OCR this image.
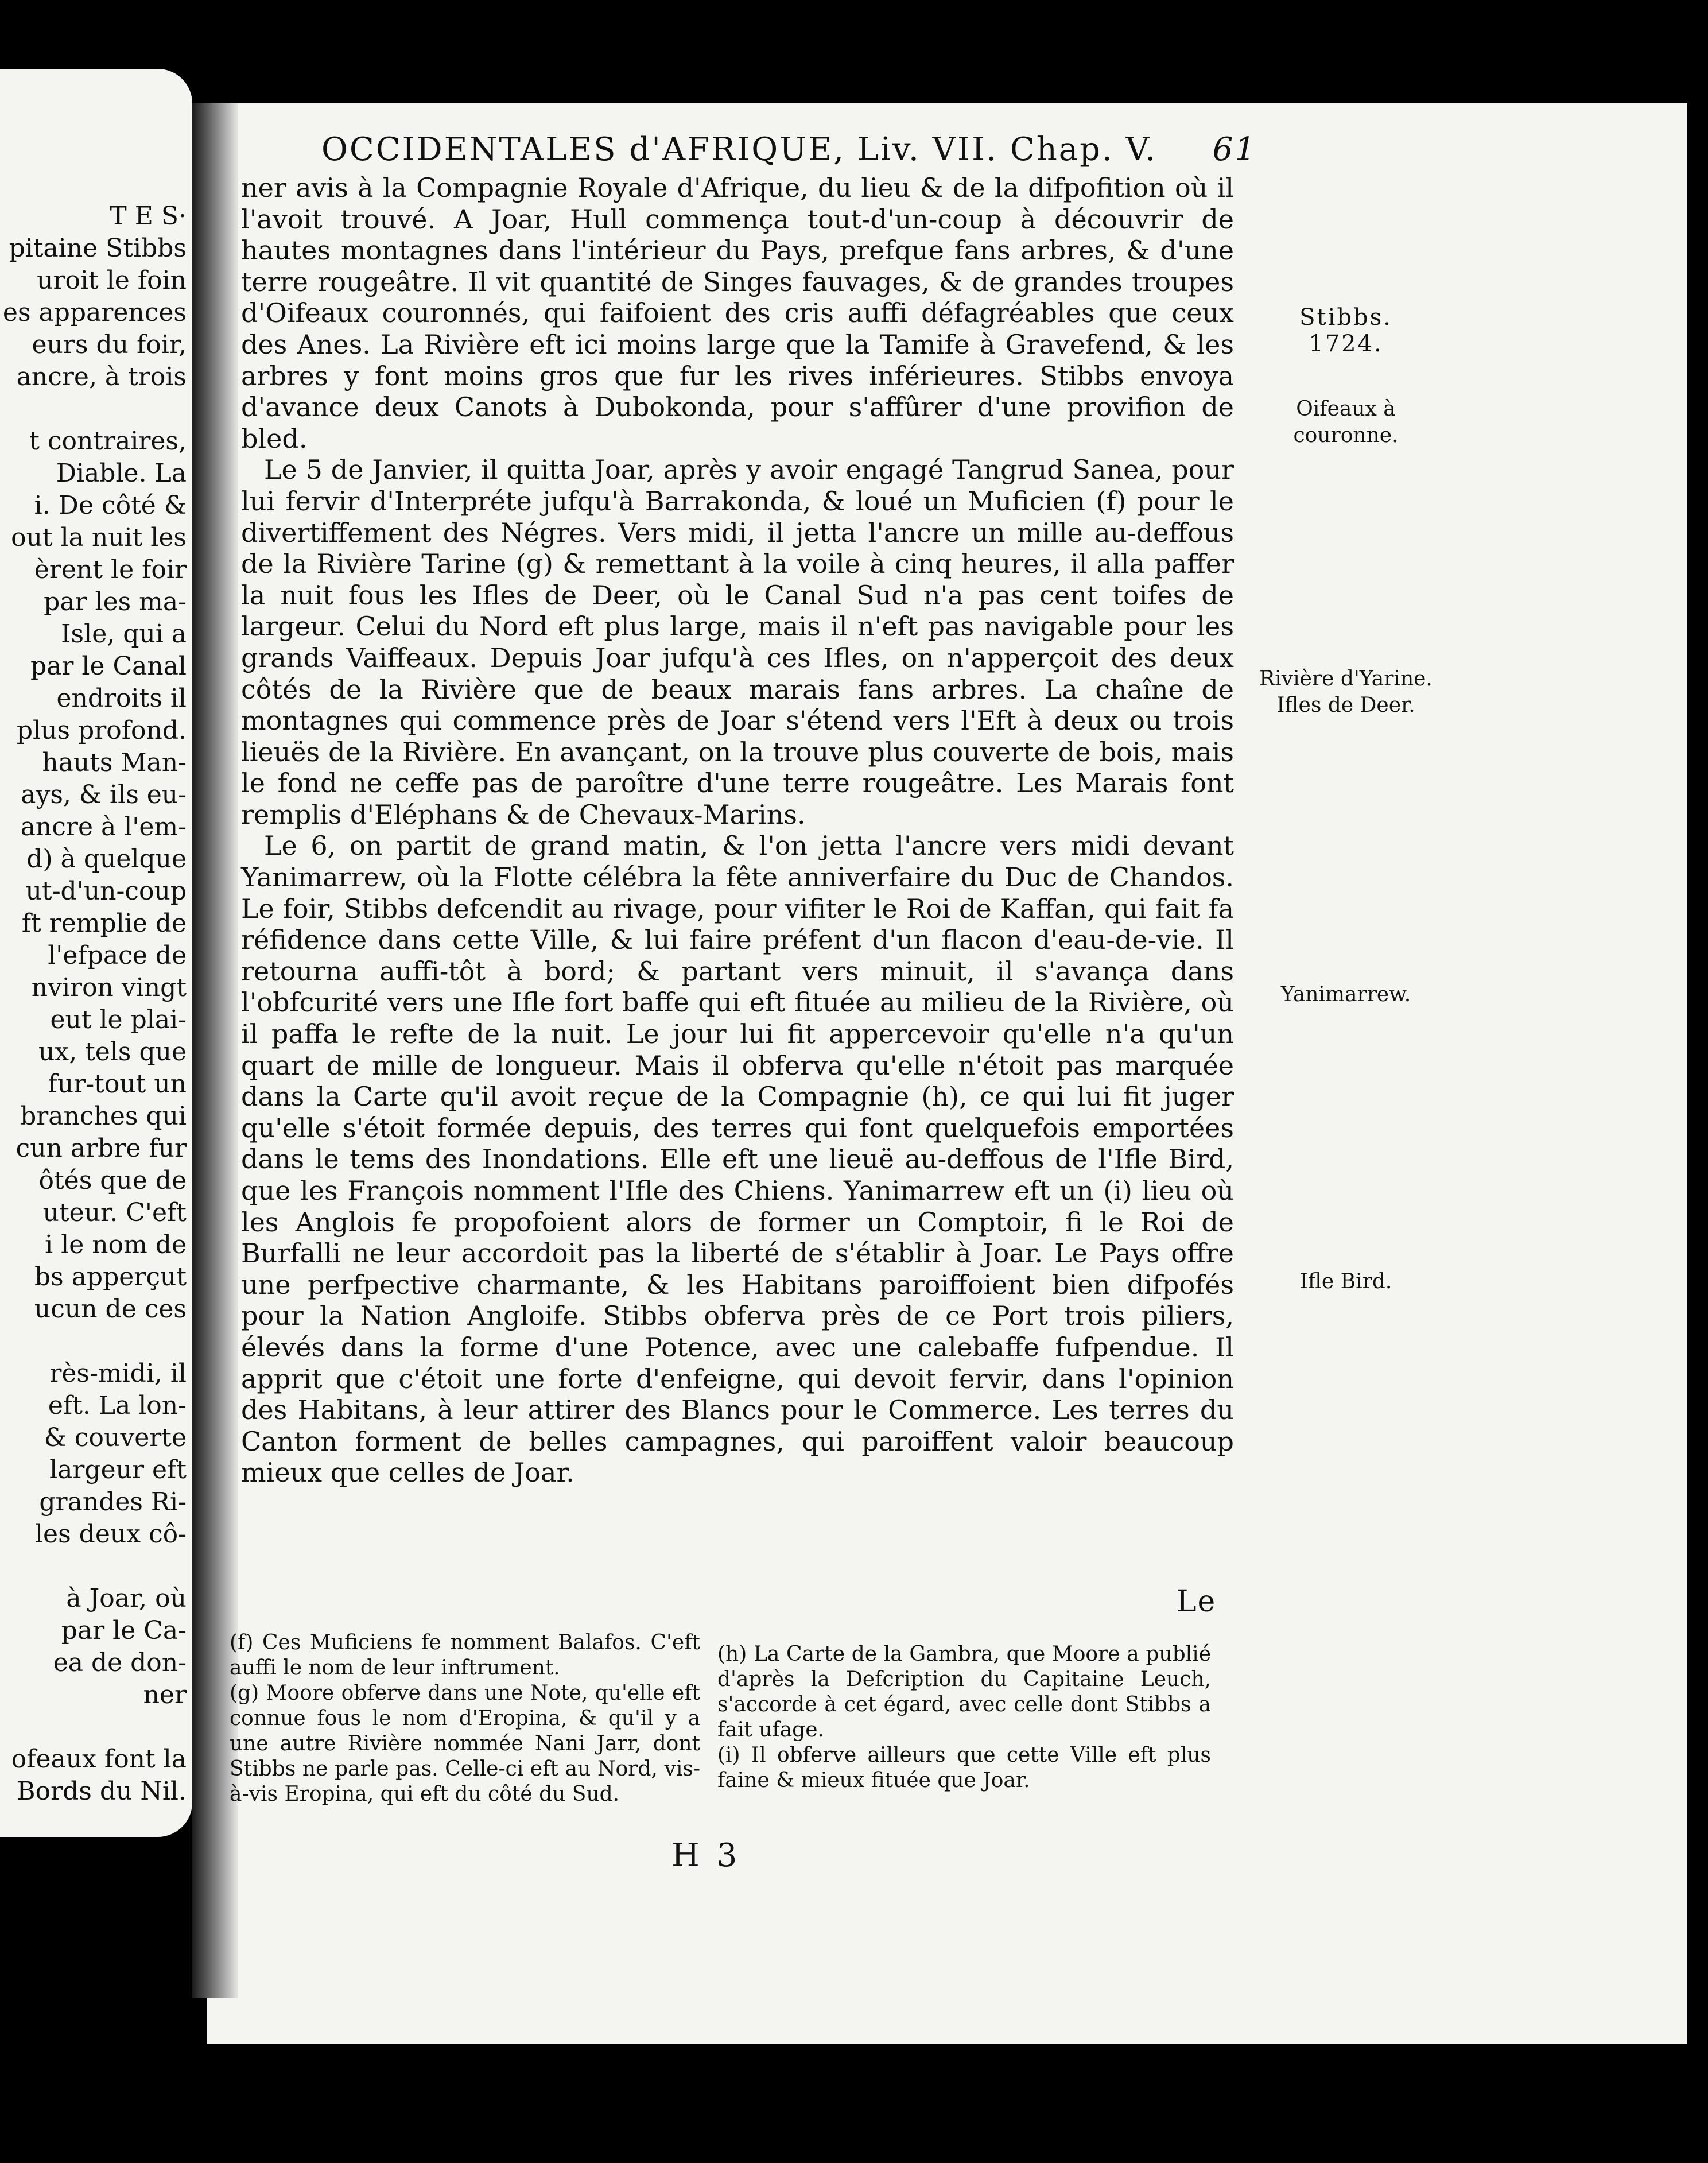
T E S·
pitaine Stibbs
uroit le foin
es apparences
eurs du foir,
ancre, à trois
t contraires,
Diable. La
i. De côté &
out la nuit les
èrent le foir
par les ma-
Isle, qui a
par le Canal
endroits il
plus profond.
hauts Man-
ays, & ils eu-
ancre à l'em-
d) à quelque
ut-d'un-coup
ft remplie de
l'efpace de
nviron vingt
eut le plai-
ux, tels que
fur-tout un
branches qui
cun arbre fur
ôtés que de
uteur. C'eft
i le nom de
bs apperçut
ucun de ces
rès-midi, il
eft. La lon-
& couverte
largeur eft
grandes Ri-
les deux cô-
à Joar, où
par le Ca-
ea de don-
ner
ofeaux font la
Bords du Nil.
OCCIDENTALES d'AFRIQUE, Liv. VII. Chap. V. 61

ner avis à la Compagnie Royale d'Afrique, du lieu & de la difpofition où il l'avoit trouvé. A Joar, Hull commença tout-d'un-coup à découvrir de hautes montagnes dans l'intérieur du Pays, prefque fans arbres, & d'une terre rougeâtre. Il vit quantité de Singes fauvages, & de grandes troupes d'Oifeaux couronnés, qui faifoient des cris auffi défagréables que ceux des Anes. La Rivière eft ici moins large que la Tamife à Gravefend, & les arbres y font moins gros que fur les rives inférieures. Stibbs envoya d'avance deux Canots à Dubokonda, pour s'affûrer d'une provifion de bled.

Le 5 de Janvier, il quitta Joar, après y avoir engagé Tangrud Sanea, pour lui fervir d'Interpréte jufqu'à Barrakonda, & loué un Muficien (f) pour le divertiffement des Négres. Vers midi, il jetta l'ancre un mille au-deffous de la Rivière Tarine (g) & remettant à la voile à cinq heures, il alla paffer la nuit fous les Ifles de Deer, où le Canal Sud n'a pas cent toifes de largeur. Celui du Nord eft plus large, mais il n'eft pas navigable pour les grands Vaiffeaux. Depuis Joar jufqu'à ces Ifles, on n'apperçoit des deux côtés de la Rivière que de beaux marais fans arbres. La chaîne de montagnes qui commence près de Joar s'étend vers l'Eft à deux ou trois lieuës de la Rivière. En avançant, on la trouve plus couverte de bois, mais le fond ne ceffe pas de paroître d'une terre rougeâtre. Les Marais font remplis d'Eléphans & de Chevaux-Marins.

Le 6, on partit de grand matin, & l'on jetta l'ancre vers midi devant Yanimarrew, où la Flotte célébra la fête anniverfaire du Duc de Chandos. Le foir, Stibbs defcendit au rivage, pour vifiter le Roi de Kaffan, qui fait fa réfidence dans cette Ville, & lui faire préfent d'un flacon d'eau-de-vie. Il retourna auffi-tôt à bord; & partant vers minuit, il s'avança dans l'obfcurité vers une Ifle fort baffe qui eft fituée au milieu de la Rivière, où il paffa le refte de la nuit. Le jour lui fit appercevoir qu'elle n'a qu'un quart de mille de longueur. Mais il obferva qu'elle n'étoit pas marquée dans la Carte qu'il avoit reçue de la Compagnie (h), ce qui lui fit juger qu'elle s'étoit formée depuis, des terres qui font quelquefois emportées dans le tems des Inondations. Elle eft une lieuë au-deffous de l'Ifle Bird, que les François nomment l'Ifle des Chiens. Yanimarrew eft un (i) lieu où les Anglois fe propofoient alors de former un Comptoir, fi le Roi de Burfalli ne leur accordoit pas la liberté de s'établir à Joar. Le Pays offre une perfpective charmante, & les Habitans paroiffoient bien difpofés pour la Nation Angloife. Stibbs obferva près de ce Port trois piliers, élevés dans la forme d'une Potence, avec une calebaffe fufpendue. Il apprit que c'étoit une forte d'enfeigne, qui devoit fervir, dans l'opinion des Habitans, à leur attirer des Blancs pour le Commerce. Les terres du Canton forment de belles campagnes, qui paroiffent valoir beaucoup mieux que celles de Joar.

Stibbs.
1724.
Oifeaux à couronne.
Rivière d'Yarine.
Ifles de Deer.
Yanimarrew.
Ifle Bird.
Le

(f) Ces Muficiens fe nomment Balafos. C'eft auffi le nom de leur inftrument.

(g) Moore obferve dans une Note, qu'elle eft connue fous le nom d'Eropina, & qu'il y a une autre Rivière nommée Nani Jarr, dont Stibbs ne parle pas. Celle-ci eft au Nord, vis-à-vis Eropina, qui eft du côté du Sud.

(h) La Carte de la Gambra, que Moore a publié d'après la Defcription du Capitaine Leuch, s'accorde à cet égard, avec celle dont Stibbs a fait ufage.

(i) Il obferve ailleurs que cette Ville eft plus faine & mieux fituée que Joar.

H 3
